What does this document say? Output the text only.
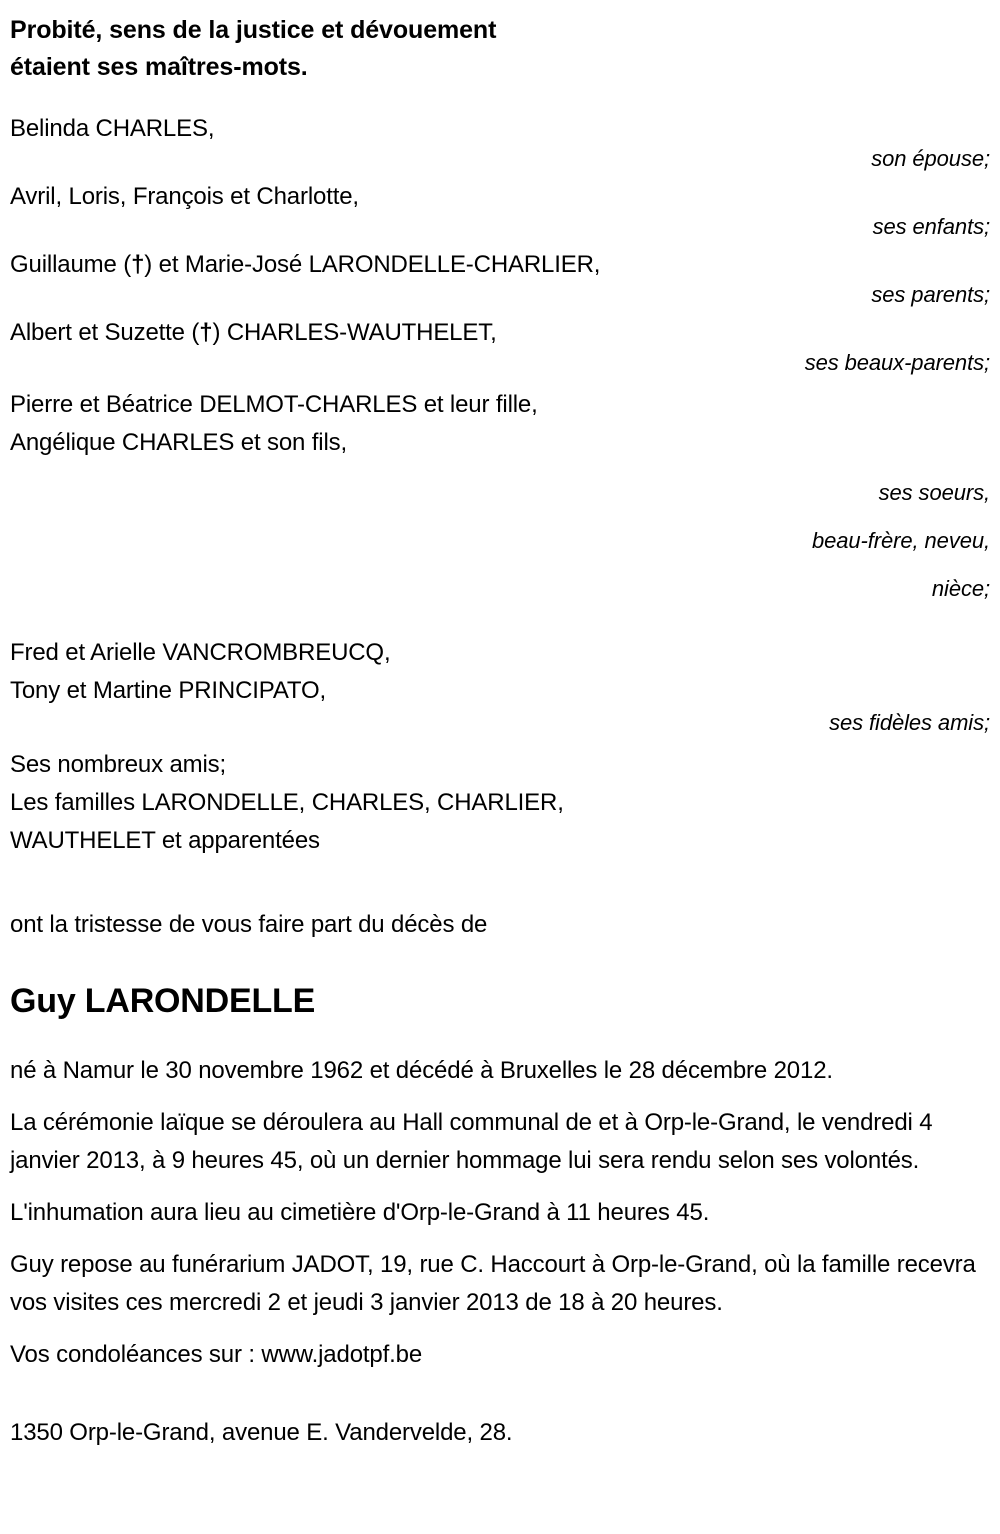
Probité, sens de la justice et dévouement
étaient ses maîtres-mots.
Belinda CHARLES,
son épouse;
Avril, Loris, François et Charlotte,
ses enfants;
Guillaume (†) et Marie-José LARONDELLE-CHARLIER,
ses parents;
Albert et Suzette (†) CHARLES-WAUTHELET,
ses beaux-parents;
Pierre et Béatrice DELMOT-CHARLES et leur fille,
Angélique CHARLES et son fils,
ses soeurs,
beau-frère, neveu,
nièce;
Fred et Arielle VANCROMBREUCQ,
Tony et Martine PRINCIPATO,
ses fidèles amis;
Ses nombreux amis;
Les familles LARONDELLE, CHARLES, CHARLIER,
WAUTHELET et apparentées
ont la tristesse de vous faire part du décès de
Guy LARONDELLE

né à Namur le 30 novembre 1962 et décédé à Bruxelles le 28 décembre 2012.

La cérémonie laïque se déroulera au Hall communal de et à Orp-le-Grand, le vendredi 4 janvier 2013, à 9 heures 45, où un dernier hommage lui sera rendu selon ses volontés.

L'inhumation aura lieu au cimetière d'Orp-le-Grand à 11 heures 45.

Guy repose au funérarium JADOT, 19, rue C. Haccourt à Orp-le-Grand, où la famille recevra vos visites ces mercredi 2 et jeudi 3 janvier 2013 de 18 à 20 heures.

Vos condoléances sur : www.jadotpf.be

1350 Orp-le-Grand, avenue E. Vandervelde, 28.
